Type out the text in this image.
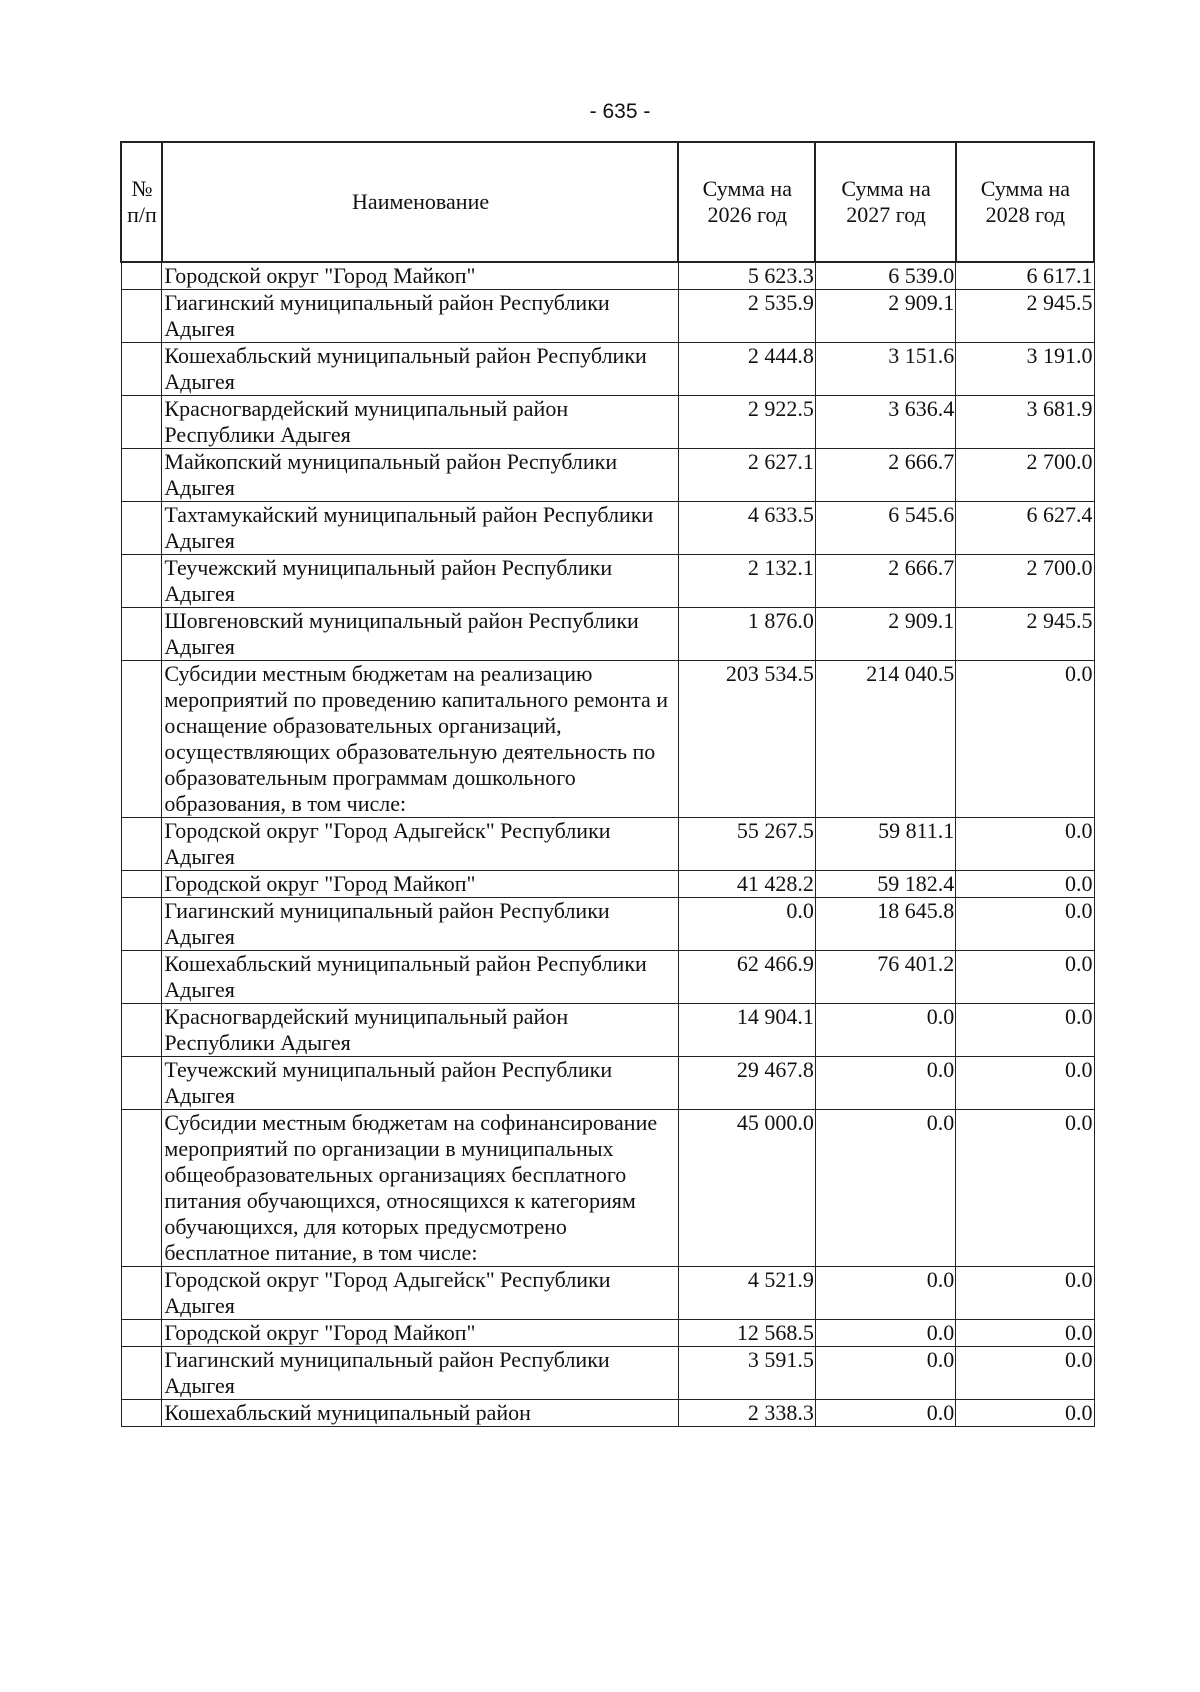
- 635 -
№ п/п	Наименование	Сумма на 2026 год	Сумма на 2027 год	Сумма на 2028 год
	Городской округ "Город Майкоп"	5 623.3	6 539.0	6 617.1
	Гиагинский муниципальный район Республики Адыгея	2 535.9	2 909.1	2 945.5
	Кошехабльский муниципальный район Республики Адыгея	2 444.8	3 151.6	3 191.0
	Красногвардейский муниципальный район Республики Адыгея	2 922.5	3 636.4	3 681.9
	Майкопский муниципальный район Республики Адыгея	2 627.1	2 666.7	2 700.0
	Тахтамукайский муниципальный район Республики Адыгея	4 633.5	6 545.6	6 627.4
	Теучежский муниципальный район Республики Адыгея	2 132.1	2 666.7	2 700.0
	Шовгеновский муниципальный район Республики Адыгея	1 876.0	2 909.1	2 945.5
	Субсидии местным бюджетам на реализацию мероприятий по проведению капитального ремонта и оснащение образовательных организаций, осуществляющих образовательную деятельность по образовательным программам дошкольного образования, в том числе:	203 534.5	214 040.5	0.0
	Городской округ "Город Адыгейск" Республики Адыгея	55 267.5	59 811.1	0.0
	Городской округ "Город Майкоп"	41 428.2	59 182.4	0.0
	Гиагинский муниципальный район Республики Адыгея	0.0	18 645.8	0.0
	Кошехабльский муниципальный район Республики Адыгея	62 466.9	76 401.2	0.0
	Красногвардейский муниципальный район Республики Адыгея	14 904.1	0.0	0.0
	Теучежский муниципальный район Республики Адыгея	29 467.8	0.0	0.0
	Субсидии местным бюджетам на софинансирование мероприятий по организации в муниципальных общеобразовательных организациях бесплатного питания обучающихся, относящихся к категориям обучающихся, для которых предусмотрено бесплатное питание, в том числе:	45 000.0	0.0	0.0
	Городской округ "Город Адыгейск" Республики Адыгея	4 521.9	0.0	0.0
	Городской округ "Город Майкоп"	12 568.5	0.0	0.0
	Гиагинский муниципальный район Республики Адыгея	3 591.5	0.0	0.0
	Кошехабльский муниципальный район	2 338.3	0.0	0.0
